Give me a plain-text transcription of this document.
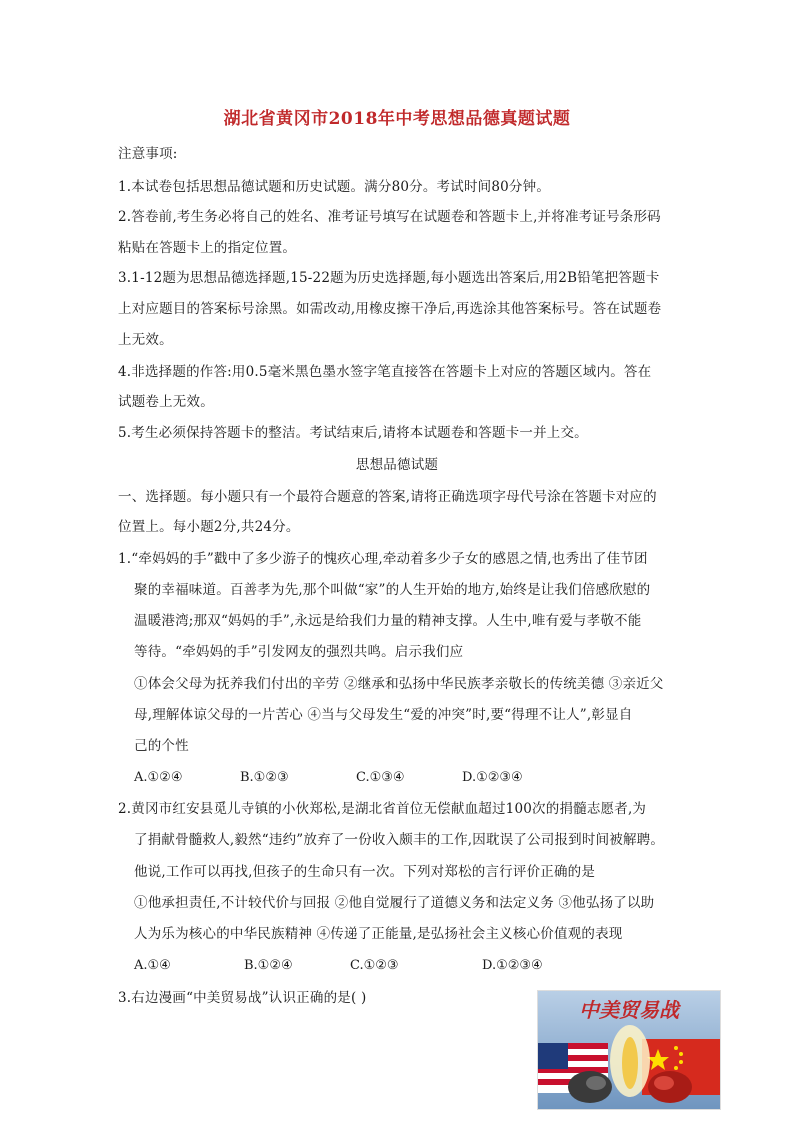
湖北省黄冈市2018年中考思想品德真题试题
注意事项:
1.本试卷包括思想品德试题和历史试题。满分80分。考试时间80分钟。
2.答卷前,考生务必将自己的姓名、准考证号填写在试题卷和答题卡上,并将准考证号条形码
粘贴在答题卡上的指定位置。
3.1-12题为思想品德选择题,15-22题为历史选择题,每小题选出答案后,用2B铅笔把答题卡
上对应题目的答案标号涂黑。如需改动,用橡皮擦干净后,再选涂其他答案标号。答在试题卷
上无效。
4.非选择题的作答:用0.5毫米黑色墨水签字笔直接答在答题卡上对应的答题区域内。答在
试题卷上无效。
5.考生必须保持答题卡的整洁。考试结束后,请将本试题卷和答题卡一并上交。
思想品德试题
一、选择题。每小题只有一个最符合题意的答案,请将正确选项字母代号涂在答题卡对应的
位置上。每小题2分,共24分。
1.“牵妈妈的手”戳中了多少游子的愧疚心理,牵动着多少子女的感恩之情,也秀出了佳节团
聚的幸福味道。百善孝为先,那个叫做“家”的人生开始的地方,始终是让我们倍感欣慰的
温暖港湾;那双“妈妈的手”,永远是给我们力量的精神支撑。人生中,唯有爱与孝敬不能
等待。“牵妈妈的手”引发网友的强烈共鸣。启示我们应
①体会父母为抚养我们付出的辛劳 ②继承和弘扬中华民族孝亲敬长的传统美德 ③亲近父
母,理解体谅父母的一片苦心 ④当与父母发生“爱的冲突”时,要“得理不让人”,彰显自
己的个性
A.①②④	B.①②③	C.①③④	D.①②③④
2.黄冈市红安县觅儿寺镇的小伙郑松,是湖北省首位无偿献血超过100次的捐髓志愿者,为
了捐献骨髓救人,毅然“违约”放弃了一份收入颇丰的工作,因耽误了公司报到时间被解聘。
他说,工作可以再找,但孩子的生命只有一次。下列对郑松的言行评价正确的是
①他承担责任,不计较代价与回报 ②他自觉履行了道德义务和法定义务 ③他弘扬了以助
人为乐为核心的中华民族精神 ④传递了正能量,是弘扬社会主义核心价值观的表现
A.①④	B.①②④	C.①②③	D.①②③④
3.右边漫画“中美贸易战”认识正确的是( )	中美贸易战
